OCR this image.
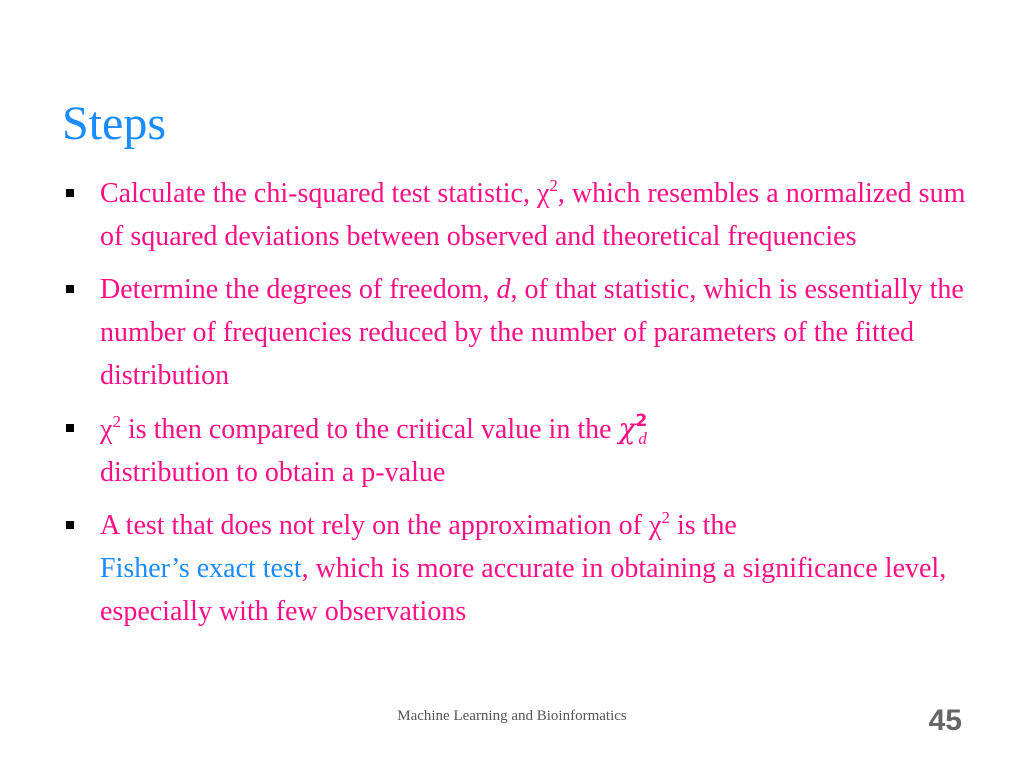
Steps
Calculate the chi-squared test statistic, $\chi^2$, which resembles a normalized sum of squared deviations between observed and theoretical frequencies
Determine the degrees of freedom, d, of that statistic, which is essentially the number of frequencies reduced by the number of parameters of the fitted distribution
$\chi^2$ is then compared to the critical value in the $\chi^2_d$
distribution to obtain a p-value
A test that does not rely on the approximation of $\chi^2$ is the
Fisher’s exact test, which is more accurate in obtaining a significance level, especially with few observations
Machine Learning and Bioinformatics	45
